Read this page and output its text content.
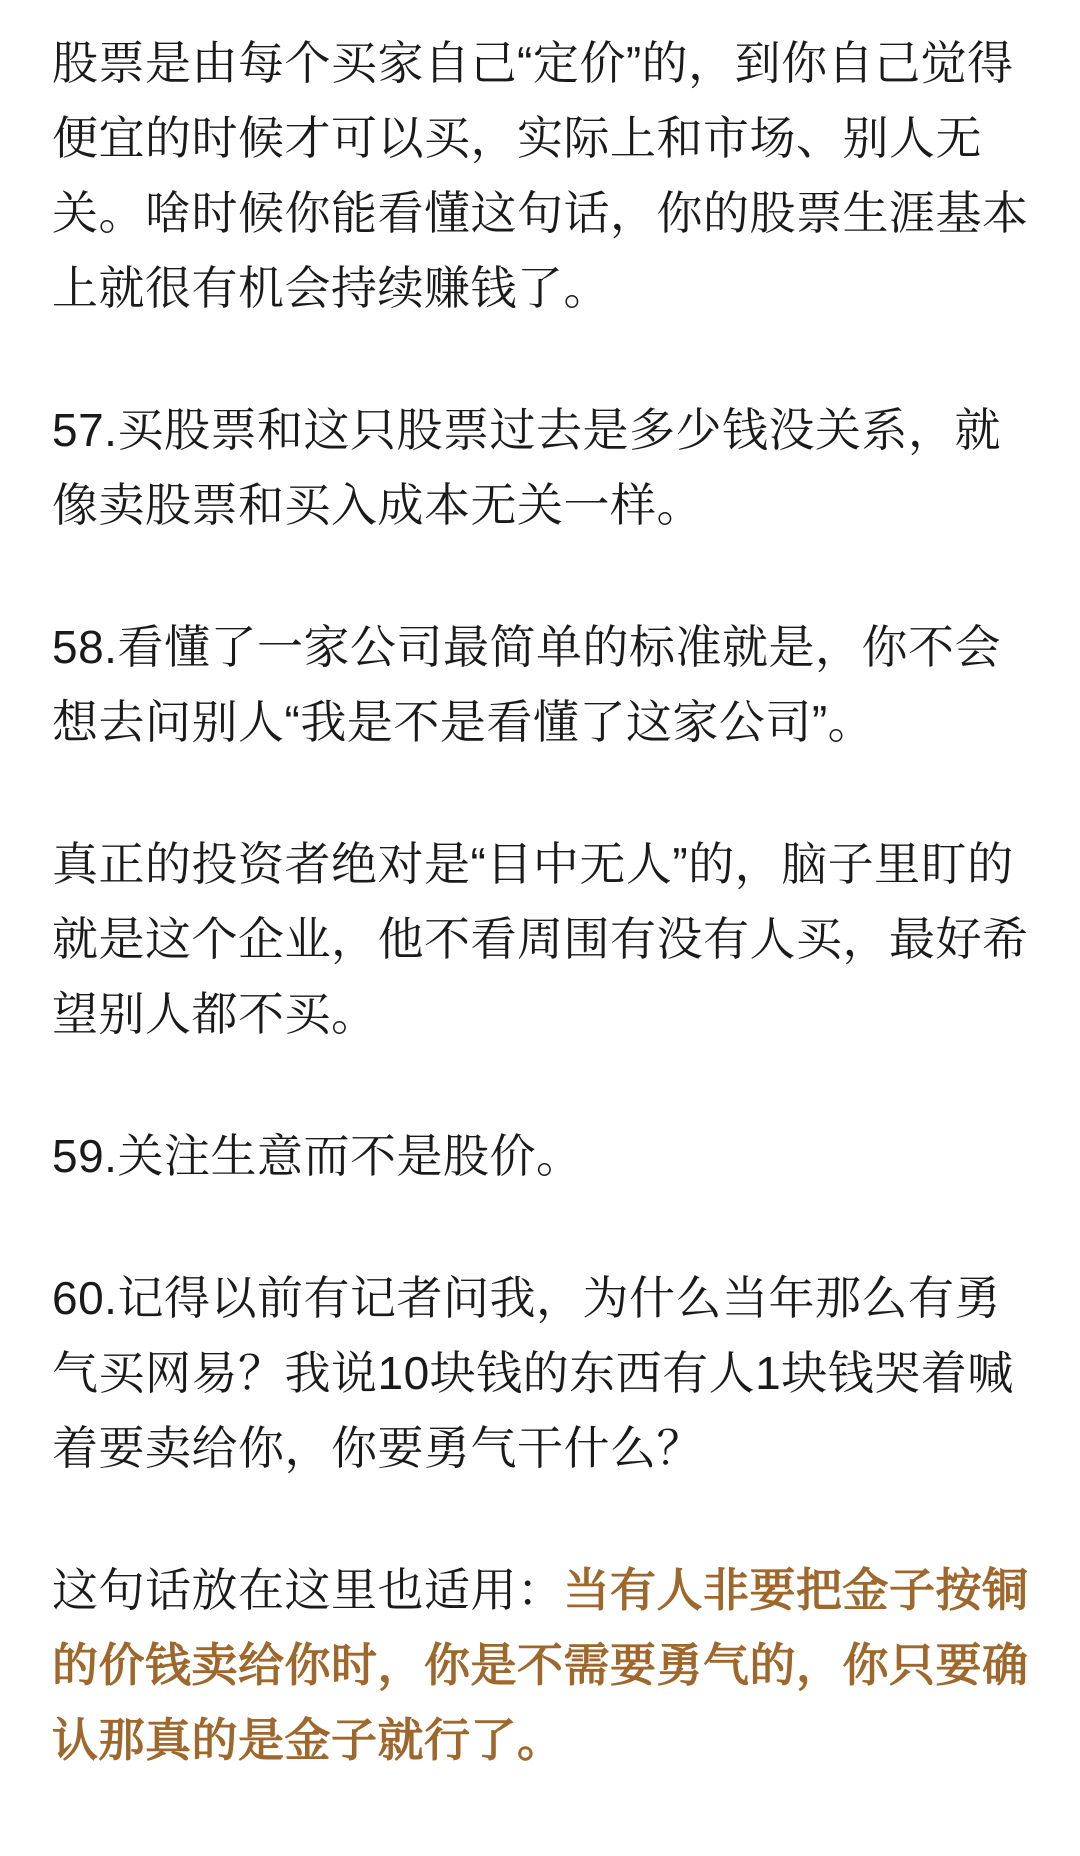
股票是由每个买家自己“定价”的，到你自己觉得便宜的时候才可以买，实际上和市场、别人无关。啥时候你能看懂这句话，你的股票生涯基本上就很有机会持续赚钱了。

57.买股票和这只股票过去是多少钱没关系，就像卖股票和买入成本无关一样。

58.看懂了一家公司最简单的标准就是，你不会想去问别人“我是不是看懂了这家公司”。

真正的投资者绝对是“目中无人”的，脑子里盯的就是这个企业，他不看周围有没有人买，最好希望别人都不买。

59.关注生意而不是股价。

60.记得以前有记者问我，为什么当年那么有勇气买网易？我说10块钱的东西有人1块钱哭着喊着要卖给你，你要勇气干什么？

这句话放在这里也适用：当有人非要把金子按铜的价钱卖给你时，你是不需要勇气的，你只要确认那真的是金子就行了。
